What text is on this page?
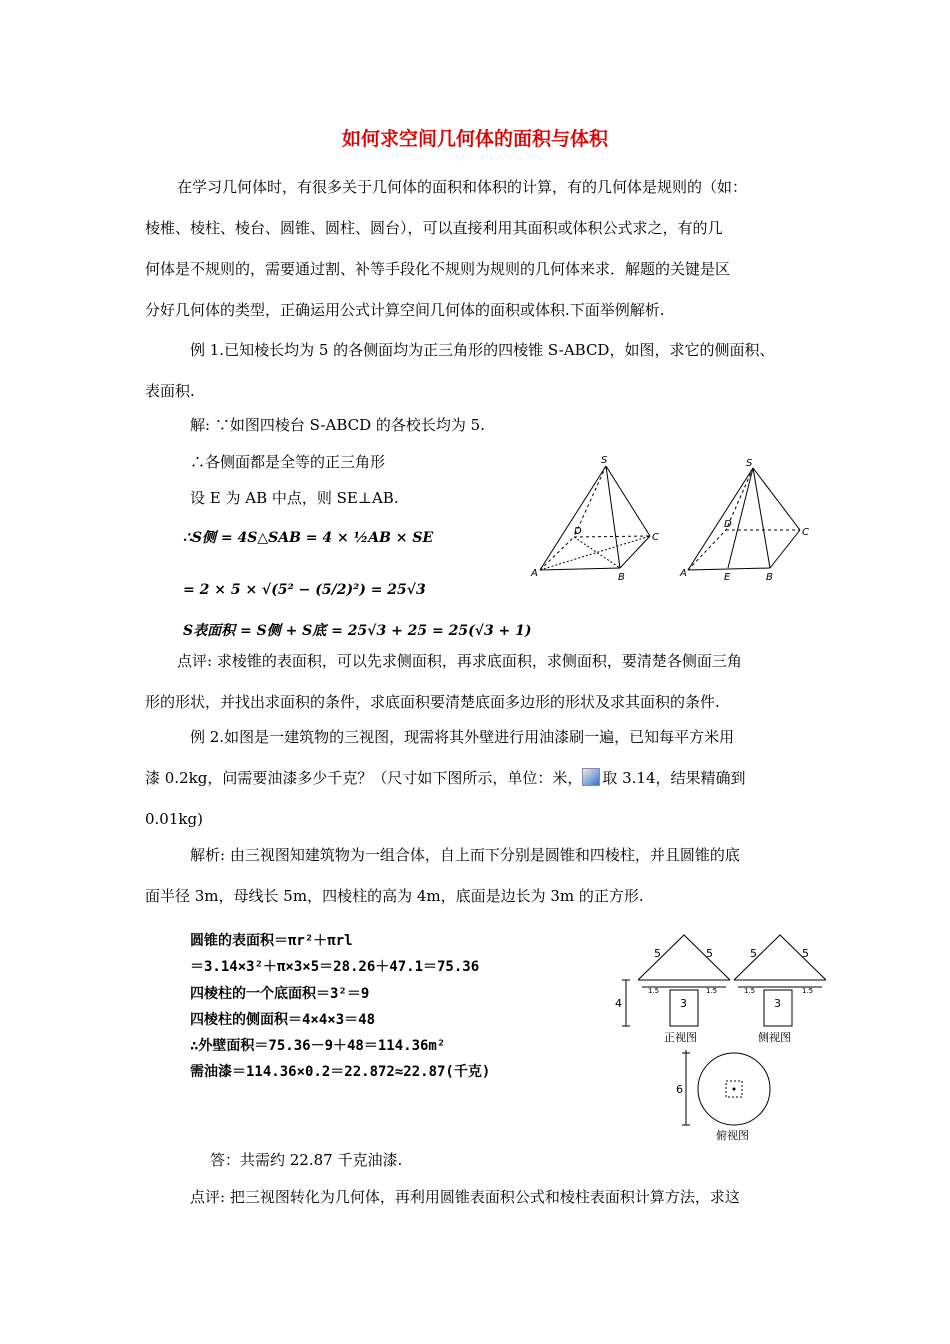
如何求空间几何体的面积与体积
在学习几何体时，有很多关于几何体的面积和体积的计算，有的几何体是规则的（如：
棱椎、棱柱、棱台、圆锥、圆柱、圆台），可以直接利用其面积或体积公式求之，有的几
何体是不规则的，需要通过割、补等手段化不规则为规则的几何体来求．解题的关键是区
分好几何体的类型，正确运用公式计算空间几何体的面积或体积.下面举例解析.
例 1.已知棱长均为 5 的各侧面均为正三角形的四棱锥 S-ABCD，如图，求它的侧面积、
表面积.
解: ∵如图四棱台 S-ABCD 的各校长均为 5.
∴各侧面都是全等的正三角形
设 E 为 AB 中点，则 SE⊥AB.
∴S侧 = 4S△SAB = 4 × ½AB × SE
= 2 × 5 × √(5² − (5/2)²) = 25√3
S表面积 = S侧 + S底 = 25√3 + 25 = 25(√3 + 1)
S
A	B
C
D
S
A	B
C
D
E
点评: 求棱锥的表面积，可以先求侧面积，再求底面积，求侧面积，要清楚各侧面三角
形的形状，并找出求面积的条件，求底面积要清楚底面多边形的形状及求其面积的条件.
例 2.如图是一建筑物的三视图，现需将其外壁进行用油漆刷一遍，已知每平方米用
漆 0.2kg，问需要油漆多少千克？（尺寸如下图所示，单位：米， 取 3.14，结果精确到
0.01kg)
解析: 由三视图知建筑物为一组合体，自上而下分别是圆锥和四棱柱，并且圆锥的底
面半径 3m，母线长 5m，四棱柱的高为 4m，底面是边长为 3m 的正方形.
圆锥的表面积＝πr²＋πrl
＝3.14×3²＋π×3×5＝28.26＋47.1＝75.36
四棱柱的一个底面积＝3²＝9
四棱柱的侧面积＝4×4×3＝48
∴外壁面积＝75.36－9＋48＝114.36m²
需油漆＝114.36×0.2＝22.872≈22.87(千克)
5	5	5	5
1.5	1.5	1.5	1.5
3	3
4
6
正视图	侧视图
俯视图
答：共需约 22.87 千克油漆.
点评: 把三视图转化为几何体，再利用圆锥表面积公式和棱柱表面积计算方法，求这
